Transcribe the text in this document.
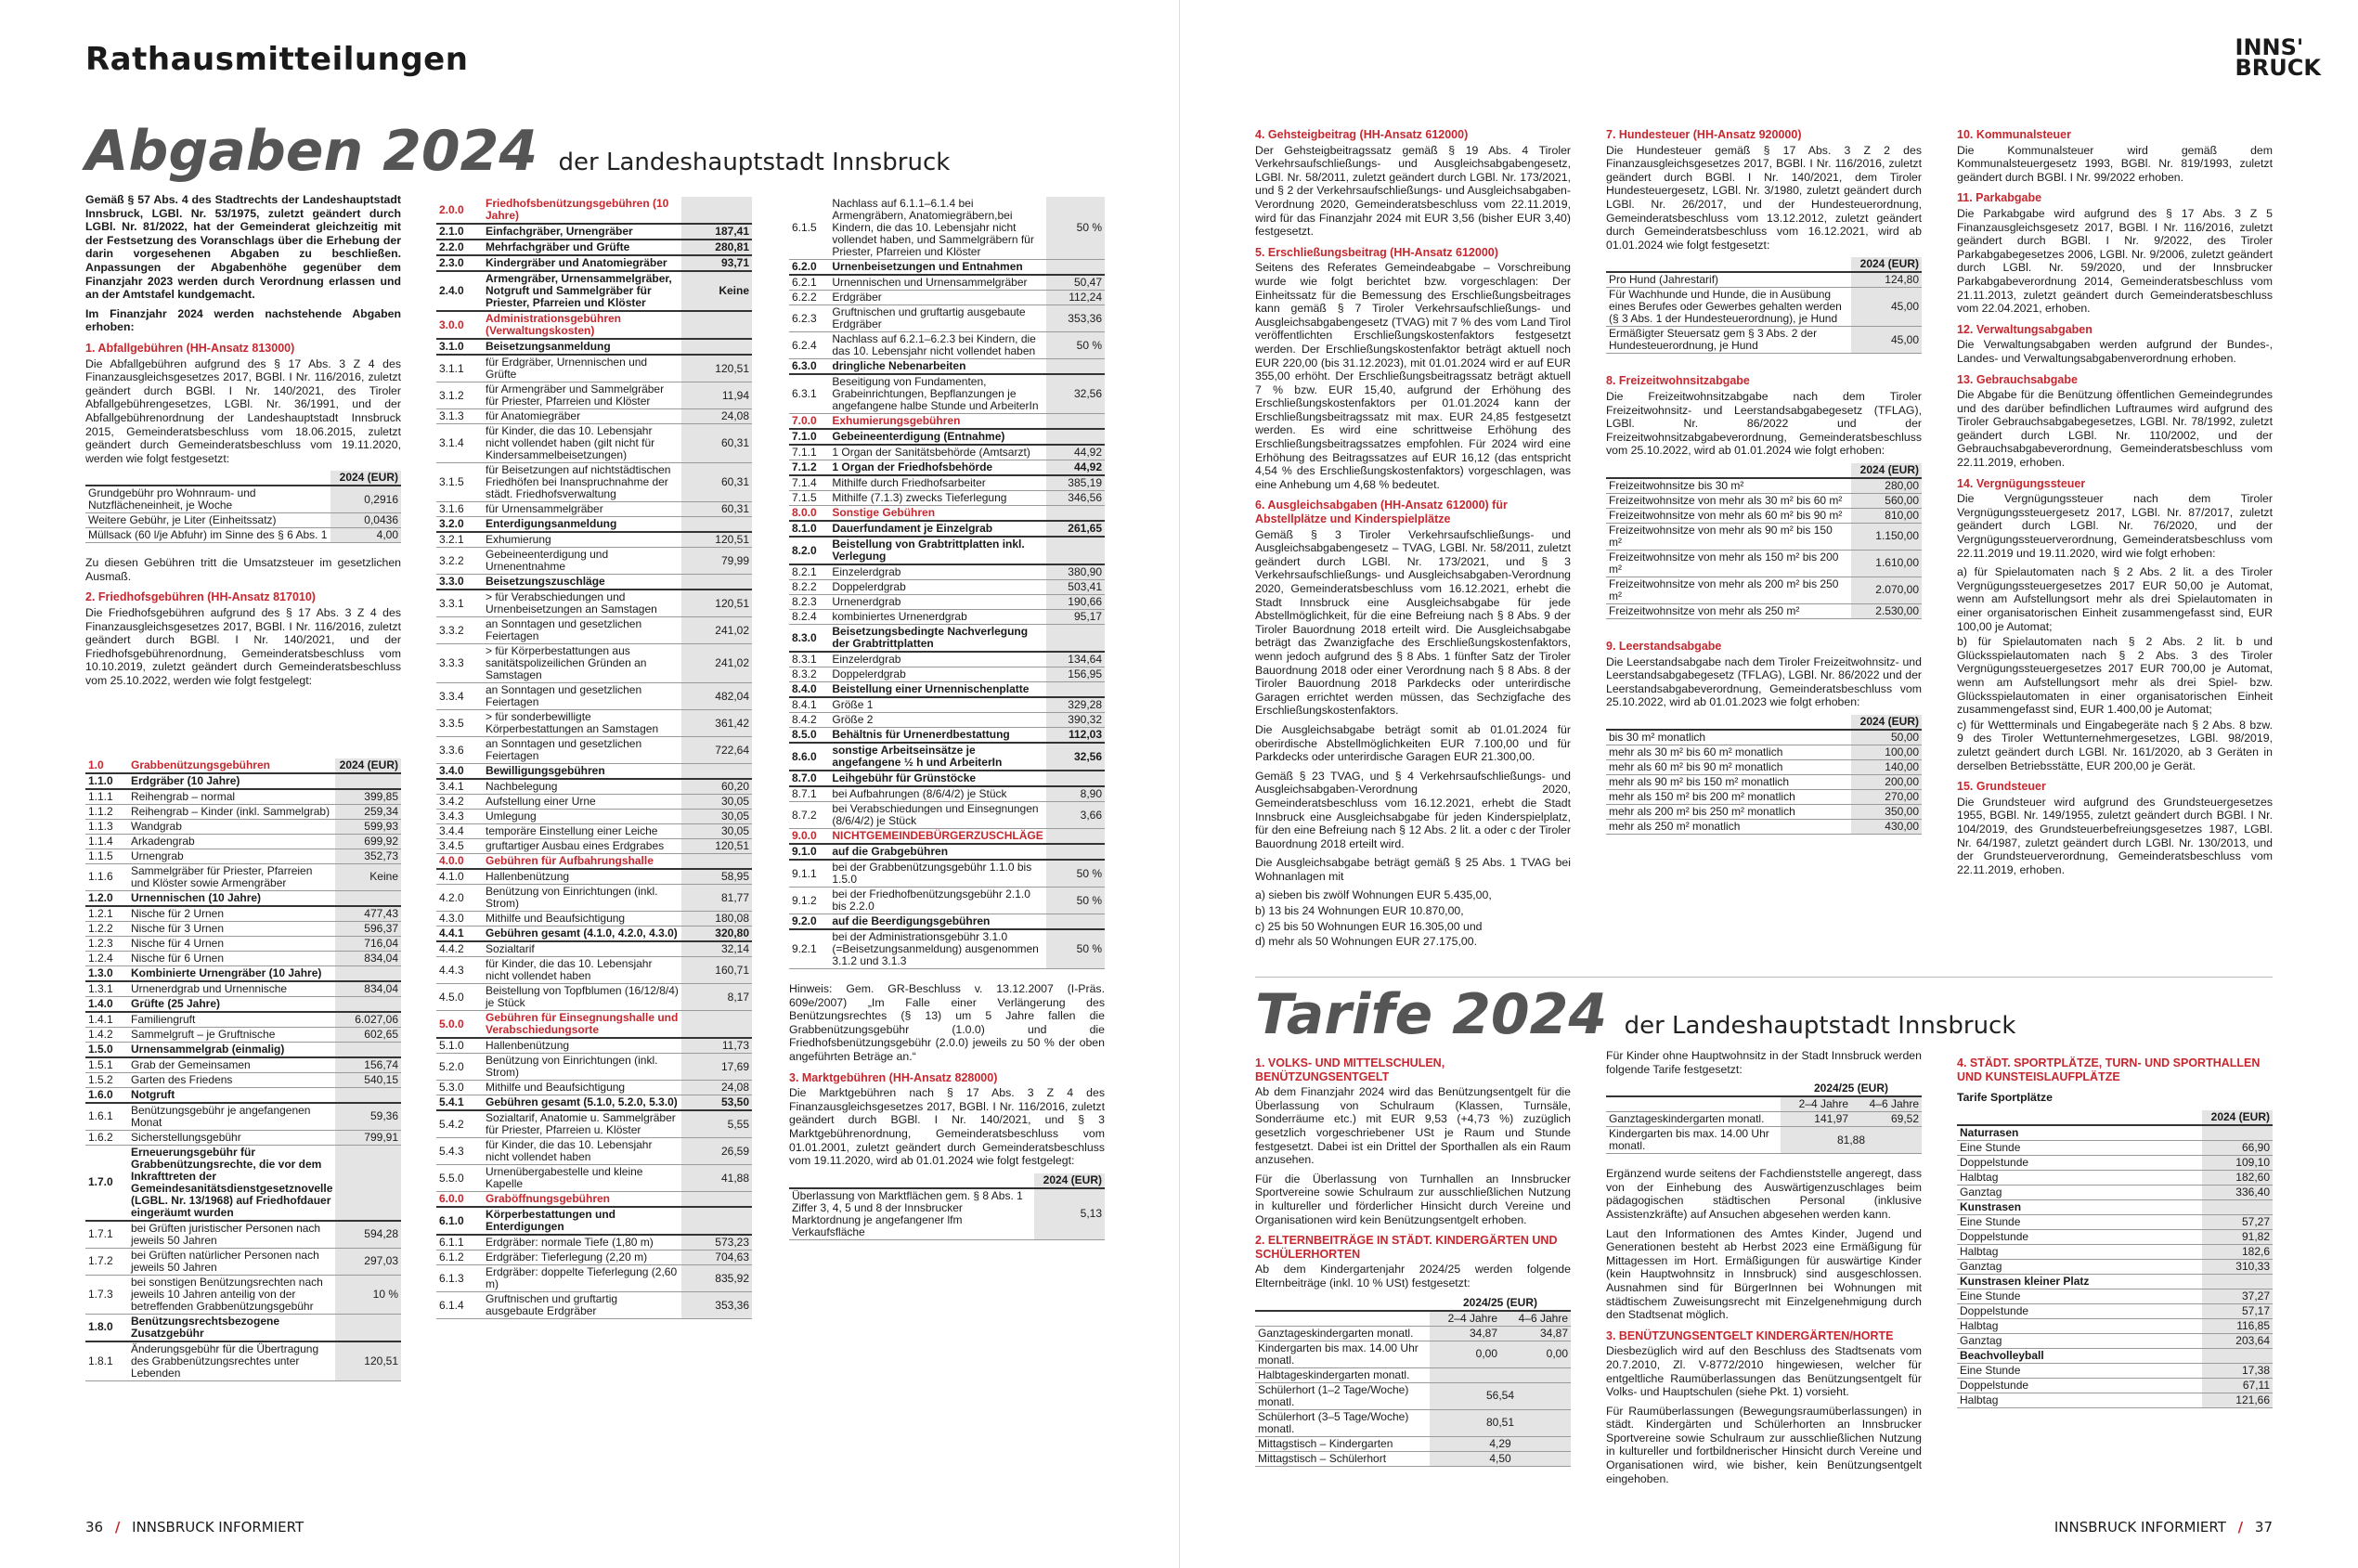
Rathausmitteilungen	INNS'
BRUCK
Abgaben 2024 der Landeshauptstadt Innsbruck

Gemäß § 57 Abs. 4 des Stadtrechts der Landeshauptstadt Innsbruck, LGBl. Nr. 53/1975, zuletzt geändert durch LGBl. Nr. 81/2022, hat der Gemeinderat gleichzeitig mit der Festsetzung des Voranschlags über die Erhebung der darin vorgesehenen Abgaben zu beschließen. Anpassungen der Abgabenhöhe gegenüber dem Finanzjahr 2023 werden durch Verordnung erlassen und an der Amtstafel kundgemacht.

Im Finanzjahr 2024 werden nachstehende Abgaben erhoben:

1. Abfallgebühren (HH-Ansatz 813000)

Die Abfallgebühren aufgrund des § 17 Abs. 3 Z 4 des Finanzausgleichsgesetzes 2017, BGBl. I Nr. 116/2016, zuletzt geändert durch BGBl. I Nr. 140/2021, des Tiroler Abfallgebührengesetzes, LGBl. Nr. 36/1991, und der Abfallgebührenordnung der Landeshauptstadt Innsbruck 2015, Gemeinderatsbeschluss vom 18.06.2015, zuletzt geändert durch Gemeinderatsbeschluss vom 19.11.2020, werden wie folgt festgesetzt:

	2024 (EUR)
Grundgebühr pro Wohnraum- und Nutzflächeneinheit, je Woche	0,2916
Weitere Gebühr, je Liter (Einheitssatz)	0,0436
Müllsack (60 l/je Abfuhr) im Sinne des § 6 Abs. 1	4,00

Zu diesen Gebühren tritt die Umsatzsteuer im gesetzlichen Ausmaß.

2. Friedhofsgebühren (HH-Ansatz 817010)

Die Friedhofsgebühren aufgrund des § 17 Abs. 3 Z 4 des Finanzausgleichsgesetzes 2017, BGBl. I Nr. 116/2016, zuletzt geändert durch BGBl. I Nr. 140/2021, und der Friedhofsgebührenordnung, Gemeinderatsbeschluss vom 10.10.2019, zuletzt geändert durch Gemeinderatsbeschluss vom 25.10.2022, werden wie folgt festgelegt:

1.0	Grabbenützungsgebühren	2024 (EUR)
1.1.0	Erdgräber (10 Jahre)	
1.1.1	Reihengrab – normal	399,85
1.1.2	Reihengrab – Kinder (inkl. Sammelgrab)	259,34
1.1.3	Wandgrab	599,93
1.1.4	Arkadengrab	699,92
1.1.5	Urnengrab	352,73
1.1.6	Sammelgräber für Priester, Pfarreien und Klöster sowie Armengräber	Keine
1.2.0	Urnennischen (10 Jahre)	
1.2.1	Nische für 2 Urnen	477,43
1.2.2	Nische für 3 Urnen	596,37
1.2.3	Nische für 4 Urnen	716,04
1.2.4	Nische für 6 Urnen	834,04
1.3.0	Kombinierte Urnengräber (10 Jahre)	
1.3.1	Urnenerdgrab und Urnennische	834,04
1.4.0	Grüfte (25 Jahre)	
1.4.1	Familiengruft	6.027,06
1.4.2	Sammelgruft – je Gruftnische	602,65
1.5.0	Urnensammelgrab (einmalig)	
1.5.1	Grab der Gemeinsamen	156,74
1.5.2	Garten des Friedens	540,15
1.6.0	Notgruft	
1.6.1	Benützungsgebühr je angefangenen Monat	59,36
1.6.2	Sicherstellungsgebühr	799,91
1.7.0	Erneuerungsgebühr für Grabbenützungsrechte, die vor dem Inkrafttreten der Gemeindesanitätsdienstgesetznovelle (LGBL. Nr. 13/1968) auf Friedhofdauer eingeräumt wurden	
1.7.1	bei Grüften juristischer Personen nach jeweils 50 Jahren	594,28
1.7.2	bei Grüften natürlicher Personen nach jeweils 50 Jahren	297,03
1.7.3	bei sonstigen Benützungsrechten nach jeweils 10 Jahren anteilig von der betreffenden Grabbenützungsgebühr	10 %
1.8.0	Benützungsrechtsbezogene Zusatzgebühr	
1.8.1	Änderungsgebühr für die Übertragung des Grabbenützungsrechtes unter Lebenden	120,51
2.0.0	Friedhofsbenützungsgebühren (10 Jahre)	
2.1.0	Einfachgräber, Urnengräber	187,41
2.2.0	Mehrfachgräber und Grüfte	280,81
2.3.0	Kindergräber und Anatomiegräber	93,71
2.4.0	Armengräber, Urnensammelgräber, Notgruft und Sammelgräber für Priester, Pfarreien und Klöster	Keine
3.0.0	Administrationsgebühren (Verwaltungskosten)	
3.1.0	Beisetzungsanmeldung	
3.1.1	für Erdgräber, Urnennischen und Grüfte	120,51
3.1.2	für Armengräber und Sammelgräber für Priester, Pfarreien und Klöster	11,94
3.1.3	für Anatomiegräber	24,08
3.1.4	für Kinder, die das 10. Lebensjahr nicht vollendet haben (gilt nicht für Kindersammelbeisetzungen)	60,31
3.1.5	für Beisetzungen auf nichtstädtischen Friedhöfen bei Inanspruchnahme der städt. Friedhofsverwaltung	60,31
3.1.6	für Urnensammelgräber	60,31
3.2.0	Enterdigungsanmeldung	
3.2.1	Exhumierung	120,51
3.2.2	Gebeineenterdigung und Urnenentnahme	79,99
3.3.0	Beisetzungszuschläge	
3.3.1	> für Verabschiedungen und Urnenbeisetzungen an Samstagen	120,51
3.3.2	an Sonntagen und gesetzlichen Feiertagen	241,02
3.3.3	> für Körperbestattungen aus sanitätspolizeilichen Gründen an Samstagen	241,02
3.3.4	an Sonntagen und gesetzlichen Feiertagen	482,04
3.3.5	> für sonderbewilligte Körperbestattungen an Samstagen	361,42
3.3.6	an Sonntagen und gesetzlichen Feiertagen	722,64
3.4.0	Bewilligungsgebühren	
3.4.1	Nachbelegung	60,20
3.4.2	Aufstellung einer Urne	30,05
3.4.3	Umlegung	30,05
3.4.4	temporäre Einstellung einer Leiche	30,05
3.4.5	gruftartiger Ausbau eines Erdgrabes	120,51
4.0.0	Gebühren für Aufbahrungshalle	
4.1.0	Hallenbenützung	58,95
4.2.0	Benützung von Einrichtungen (inkl. Strom)	81,77
4.3.0	Mithilfe und Beaufsichtigung	180,08
4.4.1	Gebühren gesamt (4.1.0, 4.2.0, 4.3.0)	320,80
4.4.2	Sozialtarif	32,14
4.4.3	für Kinder, die das 10. Lebensjahr nicht vollendet haben	160,71
4.5.0	Beistellung von Topfblumen (16/12/8/4) je Stück	8,17
5.0.0	Gebühren für Einsegnungshalle und Verabschiedungsorte	
5.1.0	Hallenbenützung	11,73
5.2.0	Benützung von Einrichtungen (inkl. Strom)	17,69
5.3.0	Mithilfe und Beaufsichtigung	24,08
5.4.1	Gebühren gesamt (5.1.0, 5.2.0, 5.3.0)	53,50
5.4.2	Sozialtarif, Anatomie u. Sammelgräber für Priester, Pfarreien u. Klöster	5,55
5.4.3	für Kinder, die das 10. Lebensjahr nicht vollendet haben	26,59
5.5.0	Urnenübergabestelle und kleine Kapelle	41,88
6.0.0	Graböffnungsgebühren	
6.1.0	Körperbestattungen und Enterdigungen	
6.1.1	Erdgräber: normale Tiefe (1,80 m)	573,23
6.1.2	Erdgräber: Tieferlegung (2,20 m)	704,63
6.1.3	Erdgräber: doppelte Tieferlegung (2,60 m)	835,92
6.1.4	Gruftnischen und gruftartig ausgebaute Erdgräber	353,36
6.1.5	Nachlass auf 6.1.1–6.1.4 bei Armengräbern, Anatomiegräbern,bei Kindern, die das 10. Lebensjahr nicht vollendet haben, und Sammelgräbern für Priester, Pfarreien und Klöster	50 %
6.2.0	Urnenbeisetzungen und Entnahmen	
6.2.1	Urnennischen und Urnensammelgräber	50,47
6.2.2	Erdgräber	112,24
6.2.3	Gruftnischen und gruftartig ausgebaute Erdgräber	353,36
6.2.4	Nachlass auf 6.2.1–6.2.3 bei Kindern, die das 10. Lebensjahr nicht vollendet haben	50 %
6.3.0	dringliche Nebenarbeiten	
6.3.1	Beseitigung von Fundamenten, Grabeinrichtungen, Bepflanzungen je angefangene halbe Stunde und ArbeiterIn	32,56
7.0.0	Exhumierungsgebühren	
7.1.0	Gebeineenterdigung (Entnahme)	
7.1.1	1 Organ der Sanitätsbehörde (Amtsarzt)	44,92
7.1.2	1 Organ der Friedhofsbehörde	44,92
7.1.4	Mithilfe durch Friedhofsarbeiter	385,19
7.1.5	Mithilfe (7.1.3) zwecks Tieferlegung	346,56
8.0.0	Sonstige Gebühren	
8.1.0	Dauerfundament je Einzelgrab	261,65
8.2.0	Beistellung von Grabtrittplatten inkl. Verlegung	
8.2.1	Einzelerdgrab	380,90
8.2.2	Doppelerdgrab	503,41
8.2.3	Urnenerdgrab	190,66
8.2.4	kombiniertes Urnenerdgrab	95,17
8.3.0	Beisetzungsbedingte Nachverlegung der Grabtrittplatten	
8.3.1	Einzelerdgrab	134,64
8.3.2	Doppelerdgrab	156,95
8.4.0	Beistellung einer Urnennischenplatte	
8.4.1	Größe 1	329,28
8.4.2	Größe 2	390,32
8.5.0	Behältnis für Urnenerdbestattung	112,03
8.6.0	sonstige Arbeitseinsätze je angefangene ½ h und ArbeiterIn	32,56
8.7.0	Leihgebühr für Grünstöcke	
8.7.1	bei Aufbahrungen (8/6/4/2) je Stück	8,90
8.7.2	bei Verabschiedungen und Einsegnungen (8/6/4/2) je Stück	3,66
9.0.0	NICHTGEMEINDEBÜRGERZUSCHLÄGE	
9.1.0	auf die Grabgebühren	
9.1.1	bei der Grabbenützungsgebühr 1.1.0 bis 1.5.0	50 %
9.1.2	bei der Friedhofbenützungsgebühr 2.1.0 bis 2.2.0	50 %
9.2.0	auf die Beerdigungsgebühren	
9.2.1	bei der Administrationsgebühr 3.1.0 (=Beisetzungsanmeldung) ausgenommen 3.1.2 und 3.1.3	50 %

Hinweis: Gem. GR-Beschluss v. 13.12.2007 (I-Präs. 609e/2007) „Im Falle einer Verlängerung des Benützungsrechtes (§ 13) um 5 Jahre fallen die Grabbenützungsgebühr (1.0.0) und die Friedhofsbenützungsgebühr (2.0.0) jeweils zu 50 % der oben angeführten Beträge an.“

3. Marktgebühren (HH-Ansatz 828000)

Die Marktgebühren nach § 17 Abs. 3 Z 4 des Finanzausgleichsgesetzes 2017, BGBl. I Nr. 116/2016, zuletzt geändert durch BGBl. I Nr. 140/2021, und § 3 Marktgebührenordnung, Gemeinderatsbeschluss vom 01.01.2001, zuletzt geändert durch Gemeinderatsbeschluss vom 19.11.2020, wird ab 01.01.2024 wie folgt festgelegt:

	2024 (EUR)
Überlassung von Marktflächen gem. § 8 Abs. 1 Ziffer 3, 4, 5 und 8 der Innsbrucker Marktordnung je angefangener lfm Verkaufsfläche	5,13
4. Gehsteigbeitrag (HH-Ansatz 612000)

Der Gehsteigbeitragssatz gemäß § 19 Abs. 4 Tiroler Verkehrsaufschließungs- und Ausgleichsabgabengesetz, LGBl. Nr. 58/2011, zuletzt geändert durch LGBl. Nr. 173/2021, und § 2 der Verkehrsaufschließungs- und Ausgleichsabgaben-Verordnung 2020, Gemeinderatsbeschluss vom 22.11.2019, wird für das Finanzjahr 2024 mit EUR 3,56 (bisher EUR 3,40) festgesetzt.

5. Erschließungsbeitrag (HH-Ansatz 612000)

Seitens des Referates Gemeindeabgabe – Vorschreibung wurde wie folgt berichtet bzw. vorgeschlagen: Der Einheitssatz für die Bemessung des Erschließungsbeitrages kann gemäß § 7 Tiroler Verkehrsaufschließungs- und Ausgleichsabgabengesetz (TVAG) mit 7 % des vom Land Tirol veröffentlichten Erschließungskostenfaktors festgesetzt werden. Der Erschließungskostenfaktor beträgt aktuell noch EUR 220,00 (bis 31.12.2023), mit 01.01.2024 wird er auf EUR 355,00 erhöht. Der Erschließungsbeitragssatz beträgt aktuell 7 % bzw. EUR 15,40, aufgrund der Erhöhung des Erschließungskostenfaktors per 01.01.2024 kann der Erschließungsbeitragssatz mit max. EUR 24,85 festgesetzt werden. Es wird eine schrittweise Erhöhung des Erschließungsbeitragssatzes empfohlen. Für 2024 wird eine Erhöhung des Beitragssatzes auf EUR 16,12 (das entspricht 4,54 % des Erschließungskostenfaktors) vorgeschlagen, was eine Anhebung um 4,68 % bedeutet.

6. Ausgleichsabgaben (HH-Ansatz 612000) für Abstellplätze und Kinderspielplätze

Gemäß § 3 Tiroler Verkehrsaufschließungs- und Ausgleichsabgabengesetz – TVAG, LGBl. Nr. 58/2011, zuletzt geändert durch LGBl. Nr. 173/2021, und § 3 Verkehrsaufschließungs- und Ausgleichsabgaben-Verordnung 2020, Gemeinderatsbeschluss vom 16.12.2021, erhebt die Stadt Innsbruck eine Ausgleichsabgabe für jede Abstellmöglichkeit, für die eine Befreiung nach § 8 Abs. 9 der Tiroler Bauordnung 2018 erteilt wird. Die Ausgleichsabgabe beträgt das Zwanzigfache des Erschließungskostenfaktors, wenn jedoch aufgrund des § 8 Abs. 1 fünfter Satz der Tiroler Bauordnung 2018 oder einer Verordnung nach § 8 Abs. 8 der Tiroler Bauordnung 2018 Parkdecks oder unterirdische Garagen errichtet werden müssen, das Sechzigfache des Erschließungskostenfaktors.

Die Ausgleichsabgabe beträgt somit ab 01.01.2024 für oberirdische Abstellmöglichkeiten EUR 7.100,00 und für Parkdecks oder unterirdische Garagen EUR 21.300,00.

Gemäß § 23 TVAG, und § 4 Verkehrsaufschließungs- und Ausgleichsabgaben-Verordnung 2020, Gemeinderatsbeschluss vom 16.12.2021, erhebt die Stadt Innsbruck eine Ausgleichsabgabe für jeden Kinderspielplatz, für den eine Befreiung nach § 12 Abs. 2 lit. a oder c der Tiroler Bauordnung 2018 erteilt wird.

Die Ausgleichsabgabe beträgt gemäß § 25 Abs. 1 TVAG bei Wohnanlagen mit

a) sieben bis zwölf Wohnungen EUR 5.435,00,

b) 13 bis 24 Wohnungen EUR 10.870,00,

c) 25 bis 50 Wohnungen EUR 16.305,00 und

d) mehr als 50 Wohnungen EUR 27.175,00.

7. Hundesteuer (HH-Ansatz 920000)

Die Hundesteuer gemäß § 17 Abs. 3 Z 2 des Finanzausgleichsgesetzes 2017, BGBl. I Nr. 116/2016, zuletzt geändert durch BGBl. I Nr. 140/2021, dem Tiroler Hundesteuergesetz, LGBl. Nr. 3/1980, zuletzt geändert durch LGBl. Nr. 26/2017, und der Hundesteuerordnung, Gemeinderatsbeschluss vom 13.12.2012, zuletzt geändert durch Gemeinderatsbeschluss vom 16.12.2021, wird ab 01.01.2024 wie folgt festgesetzt:

	2024 (EUR)
Pro Hund (Jahrestarif)	124,80
Für Wachhunde und Hunde, die in Ausübung eines Berufes oder Gewerbes gehalten werden (§ 3 Abs. 1 der Hundesteuerordnung), je Hund	45,00
Ermäßigter Steuersatz gem § 3 Abs. 2 der Hundesteuerordnung, je Hund	45,00
8. Freizeitwohnsitzabgabe

Die Freizeitwohnsitzabgabe nach dem Tiroler Freizeitwohnsitz- und Leerstandsabgabegesetz (TFLAG), LGBl. Nr. 86/2022 und der Freizeitwohnsitzabgabeverordnung, Gemeinderatsbeschluss vom 25.10.2022, wird ab 01.01.2024 wie folgt erhoben:

	2024 (EUR)
Freizeitwohnsitze bis 30 m²	280,00
Freizeitwohnsitze von mehr als 30 m² bis 60 m²	560,00
Freizeitwohnsitze von mehr als 60 m² bis 90 m²	810,00
Freizeitwohnsitze von mehr als 90 m² bis 150 m²	1.150,00
Freizeitwohnsitze von mehr als 150 m² bis 200 m²	1.610,00
Freizeitwohnsitze von mehr als 200 m² bis 250 m²	2.070,00
Freizeitwohnsitze von mehr als 250 m²	2.530,00
9. Leerstandsabgabe

Die Leerstandsabgabe nach dem Tiroler Freizeitwohnsitz- und Leerstandsabgabegesetz (TFLAG), LGBl. Nr. 86/2022 und der Leerstandsabgabeverordnung, Gemeinderatsbeschluss vom 25.10.2022, wird ab 01.01.2023 wie folgt erhoben:

	2024 (EUR)
bis 30 m² monatlich	50,00
mehr als 30 m² bis 60 m² monatlich	100,00
mehr als 60 m² bis 90 m² monatlich	140,00
mehr als 90 m² bis 150 m² monatlich	200,00
mehr als 150 m² bis 200 m² monatlich	270,00
mehr als 200 m² bis 250 m² monatlich	350,00
mehr als 250 m² monatlich	430,00
10. Kommunalsteuer

Die Kommunalsteuer wird gemäß dem Kommunalsteuergesetz 1993, BGBl. Nr. 819/1993, zuletzt geändert durch BGBl. I Nr. 99/2022 erhoben.

11. Parkabgabe

Die Parkabgabe wird aufgrund des § 17 Abs. 3 Z 5 Finanzausgleichsgesetz 2017, BGBl. I Nr. 116/2016, zuletzt geändert durch BGBl. I Nr. 9/2022, des Tiroler Parkabgabegesetzes 2006, LGBl. Nr. 9/2006, zuletzt geändert durch LGBl. Nr. 59/2020, und der Innsbrucker Parkabgabeverordnung 2014, Gemeinderatsbeschluss vom 21.11.2013, zuletzt geändert durch Gemeinderatsbeschluss vom 22.04.2021, erhoben.

12. Verwaltungsabgaben

Die Verwaltungsabgaben werden aufgrund der Bundes-, Landes- und Verwaltungsabgabenverordnung erhoben.

13. Gebrauchsabgabe

Die Abgabe für die Benützung öffentlichen Gemeindegrundes und des darüber befindlichen Luftraumes wird aufgrund des Tiroler Gebrauchsabgabegesetzes, LGBl. Nr. 78/1992, zuletzt geändert durch LGBl. Nr. 110/2002, und der Gebrauchsabgabeverordnung, Gemeinderatsbeschluss vom 22.11.2019, erhoben.

14. Vergnügungssteuer

Die Vergnügungssteuer nach dem Tiroler Vergnügungssteuergesetz 2017, LGBl. Nr. 87/2017, zuletzt geändert durch LGBl. Nr. 76/2020, und der Vergnügungssteuerverordnung, Gemeinderatsbeschluss vom 22.11.2019 und 19.11.2020, wird wie folgt erhoben:

a) für Spielautomaten nach § 2 Abs. 2 lit. a des Tiroler Vergnügungssteuergesetzes 2017 EUR 50,00 je Automat, wenn am Aufstellungsort mehr als drei Spielautomaten in einer organisatorischen Einheit zusammengefasst sind, EUR 100,00 je Automat;

b) für Spielautomaten nach § 2 Abs. 2 lit. b und Glücksspielautomaten nach § 2 Abs. 3 des Tiroler Vergnügungssteuergesetzes 2017 EUR 700,00 je Automat, wenn am Aufstellungsort mehr als drei Spiel- bzw. Glücksspielautomaten in einer organisatorischen Einheit zusammengefasst sind, EUR 1.400,00 je Automat;

c) für Wettterminals und Eingabegeräte nach § 2 Abs. 8 bzw. 9 des Tiroler Wettunternehmergesetzes, LGBl. 98/2019, zuletzt geändert durch LGBl. Nr. 161/2020, ab 3 Geräten in derselben Betriebsstätte, EUR 200,00 je Gerät.

15. Grundsteuer

Die Grundsteuer wird aufgrund des Grundsteuergesetzes 1955, BGBl. Nr. 149/1955, zuletzt geändert durch BGBl. I Nr. 104/2019, des Grundsteuerbefreiungsgesetzes 1987, LGBl. Nr. 64/1987, zuletzt geändert durch LGBl. Nr. 130/2013, und der Grundsteuerverordnung, Gemeinderatsbeschluss vom 22.11.2019, erhoben.

Tarife 2024 der Landeshauptstadt Innsbruck
1. VOLKS- UND MITTELSCHULEN, BENÜTZUNGSENTGELT

Ab dem Finanzjahr 2024 wird das Benützungsentgelt für die Überlassung von Schulraum (Klassen, Turnsäle, Sonderräume etc.) mit EUR 9,53 (+4,73 %) zuzüglich gesetzlich vorgeschriebener USt je Raum und Stunde festgesetzt. Dabei ist ein Drittel der Sporthallen als ein Raum anzusehen.

Für die Überlassung von Turnhallen an Innsbrucker Sportvereine sowie Schulraum zur ausschließlichen Nutzung in kultureller und förderlicher Hinsicht durch Vereine und Organisationen wird kein Benützungsentgelt erhoben.

2. ELTERNBEITRÄGE IN STÄDT. KINDERGÄRTEN UND SCHÜLERHORTEN

Ab dem Kindergartenjahr 2024/25 werden folgende Elternbeiträge (inkl. 10 % USt) festgesetzt:

	2024/25 (EUR)	
	2–4 Jahre	4–6 Jahre
Ganztageskindergarten monatl.	34,87	34,87
Kindergarten bis max. 14.00 Uhr monatl.	0,00	0,00
Halbtageskindergarten monatl.		
Schülerhort (1–2 Tage/Woche) monatl.	56,54	
Schülerhort (3–5 Tage/Woche) monatl.	80,51	
Mittagstisch – Kindergarten	4,29	
Mittagstisch – Schülerhort	4,50	

Für Kinder ohne Hauptwohnsitz in der Stadt Innsbruck werden folgende Tarife festgesetzt:

	2024/25 (EUR)	
	2–4 Jahre	4–6 Jahre
Ganztageskindergarten monatl.	141,97	69,52
Kindergarten bis max. 14.00 Uhr monatl.	81,88	

Ergänzend wurde seitens der Fachdienststelle angeregt, dass von der Einhebung des Auswärtigenzuschlages beim pädagogischen städtischen Personal (inklusive Assistenzkräfte) auf Ansuchen abgesehen werden kann.

Laut den Informationen des Amtes Kinder, Jugend und Generationen besteht ab Herbst 2023 eine Ermäßigung für Mittagessen im Hort. Ermäßigungen für auswärtige Kinder (kein Hauptwohnsitz in Innsbruck) sind ausgeschlossen. Ausnahmen sind für BürgerInnen bei Wohnungen mit städtischem Zuweisungsrecht mit Einzelgenehmigung durch den Stadtsenat möglich.

3. BENÜTZUNGSENTGELT KINDERGÄRTEN/HORTE

Diesbezüglich wird auf den Beschluss des Stadtsenats vom 20.7.2010, Zl. V-8772/2010 hingewiesen, welcher für entgeltliche Raumüberlassungen das Benützungsentgelt für Volks- und Hauptschulen (siehe Pkt. 1) vorsieht.

Für Raumüberlassungen (Bewegungsraumüberlassungen) in städt. Kindergärten und Schülerhorten an Innsbrucker Sportvereine sowie Schulraum zur ausschließlichen Nutzung in kultureller und fortbildnerischer Hinsicht durch Vereine und Organisationen wird, wie bisher, kein Benützungsentgelt eingehoben.

4. STÄDT. SPORTPLÄTZE, TURN- UND SPORTHALLEN UND KUNSTEISLAUFPLÄTZE

Tarife Sportplätze

	2024 (EUR)
Naturrasen	
Eine Stunde	66,90
Doppelstunde	109,10
Halbtag	182,60
Ganztag	336,40
Kunstrasen	
Eine Stunde	57,27
Doppelstunde	91,82
Halbtag	182,6
Ganztag	310,33
Kunstrasen kleiner Platz	
Eine Stunde	37,27
Doppelstunde	57,17
Halbtag	116,85
Ganztag	203,64
Beachvolleyball	
Eine Stunde	17,38
Doppelstunde	67,11
Halbtag	121,66
36 / INNSBRUCK INFORMIERT	INNSBRUCK INFORMIERT / 37
